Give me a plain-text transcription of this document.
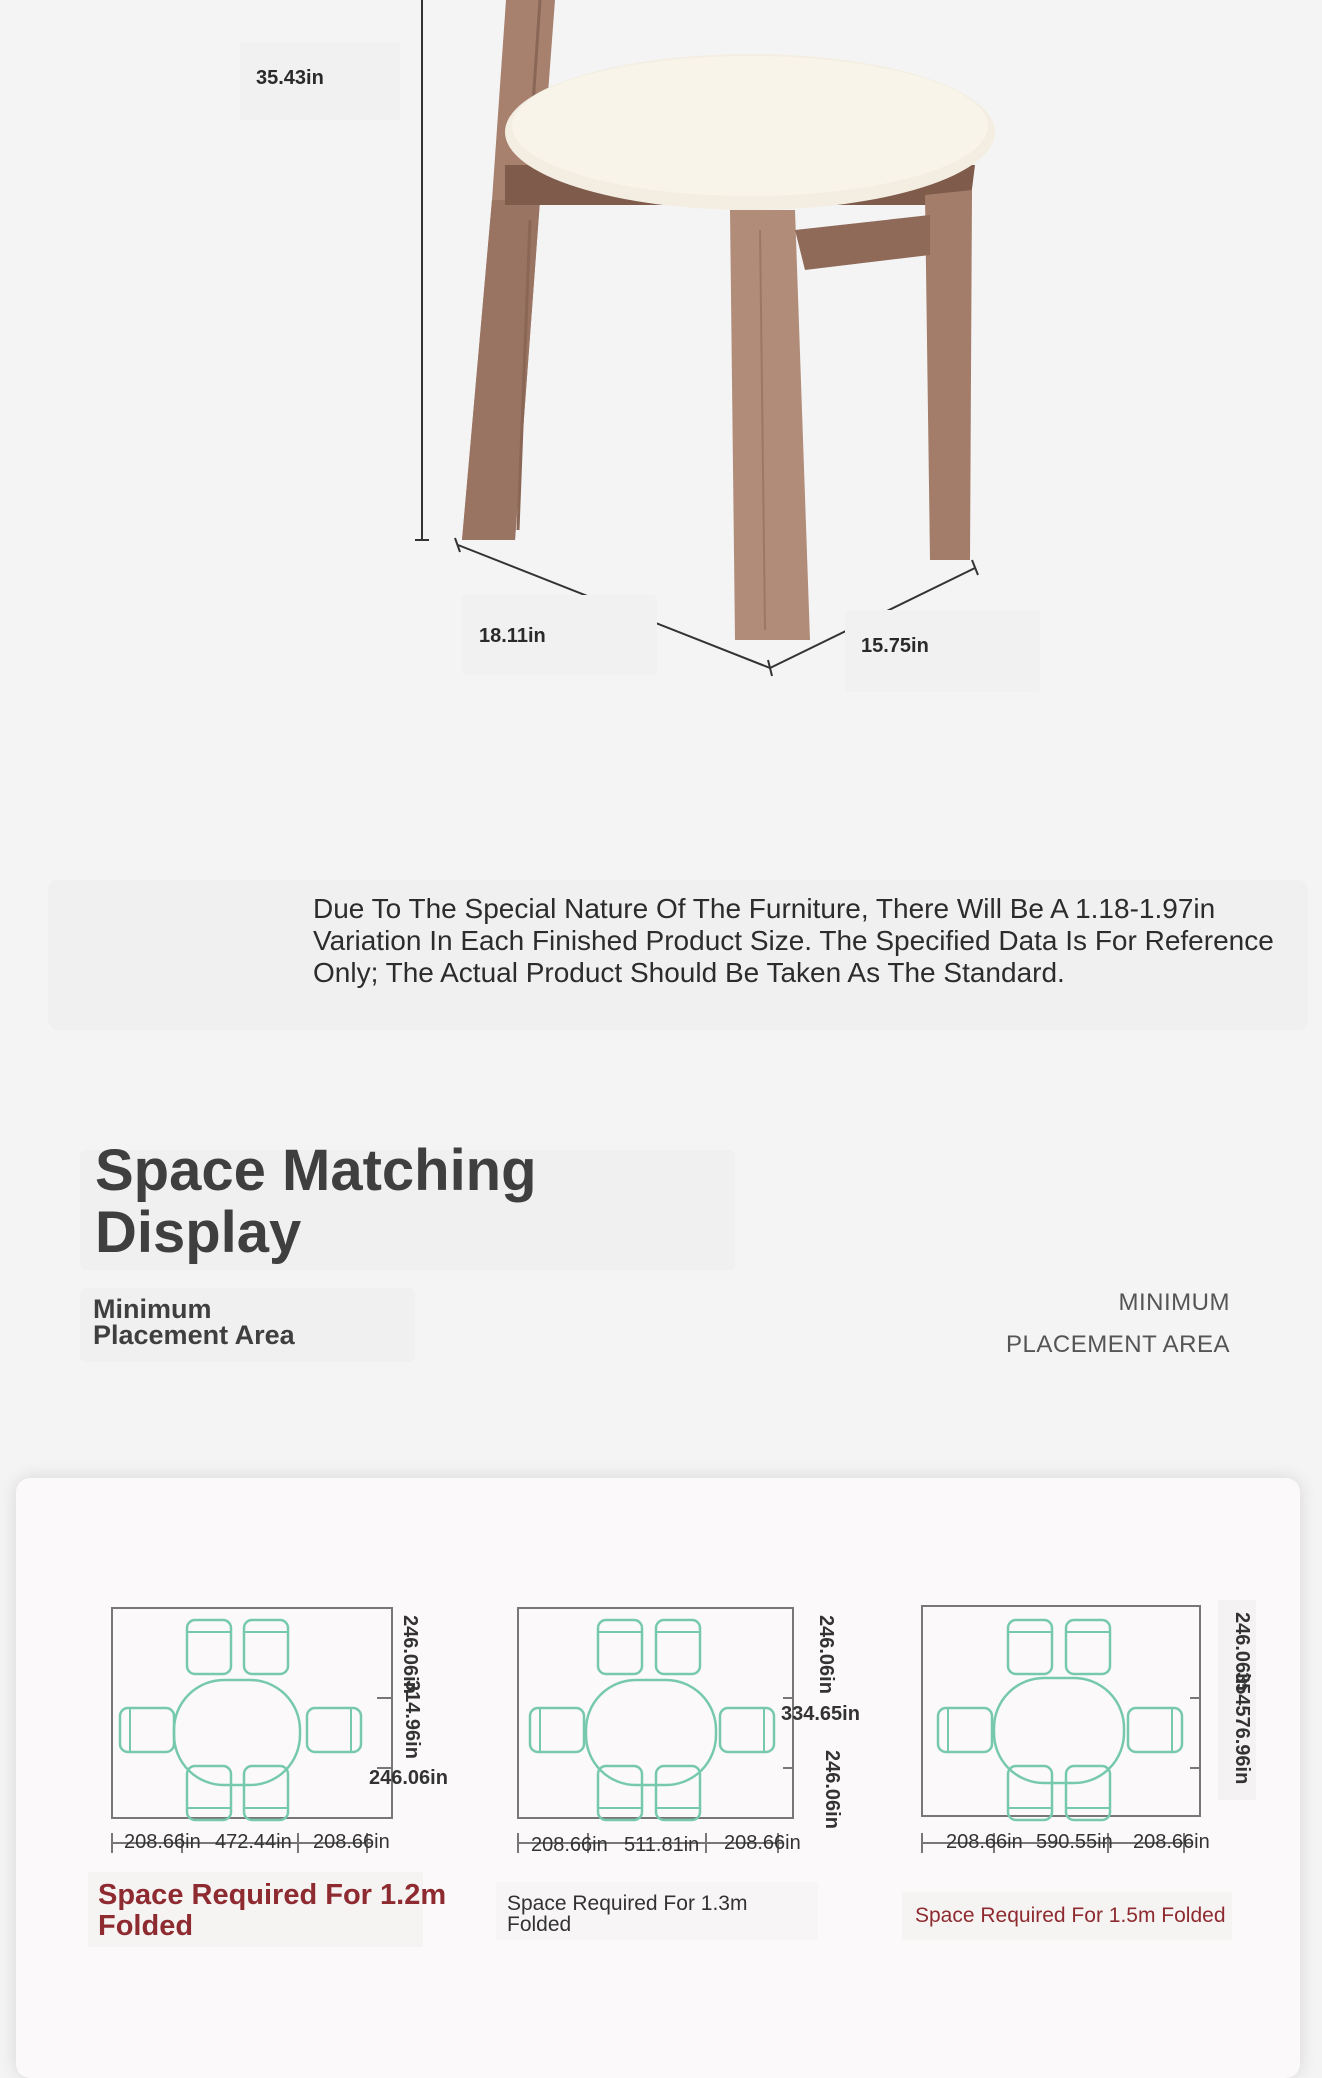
35.43in
18.11in	15.75in
Due To The Special Nature Of The Furniture, There Will Be A 1.18-1.97in Variation In Each Finished Product Size. The Specified Data Is For Reference Only; The Actual Product Should Be Taken As The Standard.
Space Matching
Display
Minimum
Placement Area
MINIMUM
PLACEMENT AREA
208.66in 472.44in 208.66in
246.06in
314.96in
246.06in
208.66in 511.81in 208.66in
246.06in
334.65in
246.06in
208.66in 590.55in 208.66in
246.06in
354576.96in
Space Required For 1.2m
Folded
Space Required For 1.3m
Folded	Space Required For 1.5m Folded
